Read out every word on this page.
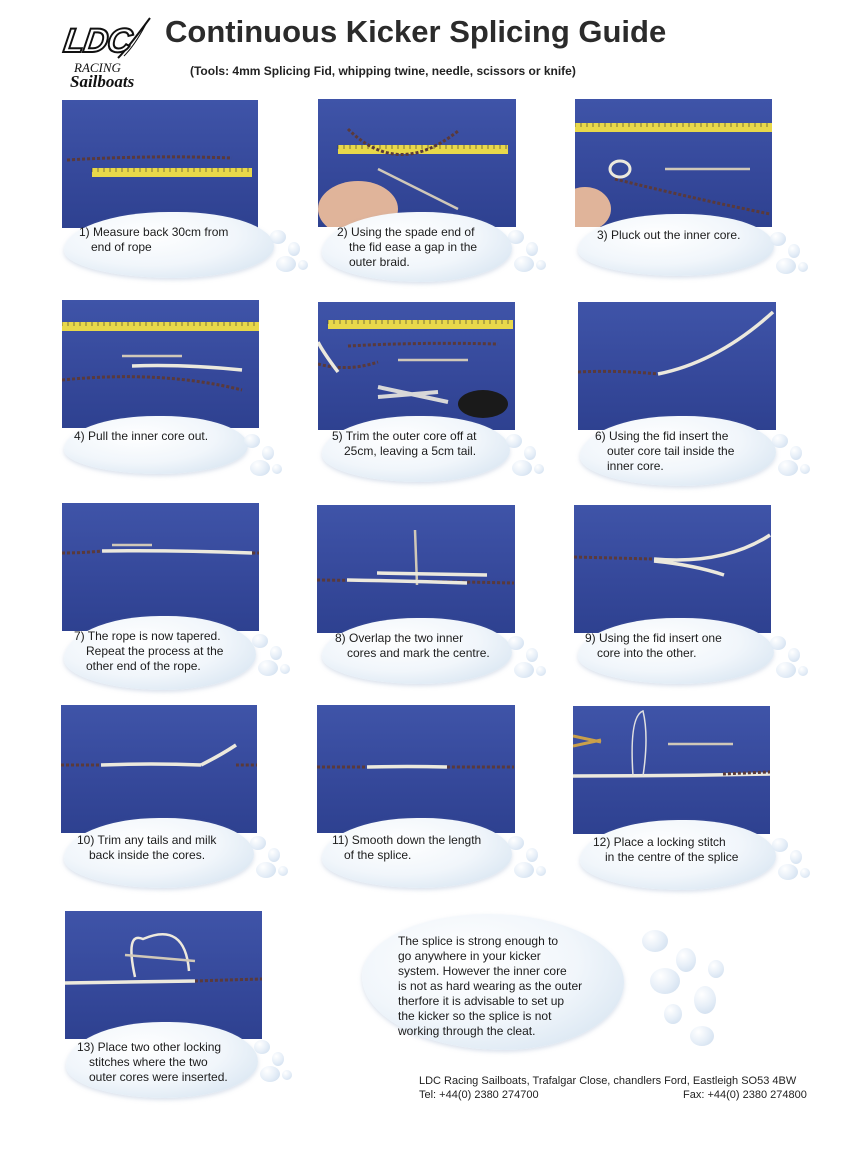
LDC
RACING
Sailboats
Continuous Kicker Splicing Guide
(Tools: 4mm Splicing Fid, whipping twine, needle, scissors or knife)
1) Measure back 30cm from
end of rope
2) Using the spade end of
the fid ease a gap in the
outer braid.
3) Pluck out the inner core.
4) Pull the inner core out.	5) Trim the outer core off at
25cm, leaving a 5cm tail.
6) Using the fid insert the
outer core tail inside the
inner core.
7) The rope is now tapered.
Repeat the process at the
other end of the rope.
8) Overlap the two inner
cores and mark the centre.
9) Using the fid insert one
core into the other.
10) Trim any tails and milk
back inside the cores.
11) Smooth down the length
of the splice.
12) Place a locking stitch
in the centre of the splice
13) Place two other locking
stitches where the two
outer cores were inserted.
The splice is strong enough to
go anywhere in your kicker
system. However the inner core
is not as hard wearing as the outer
therfore it is advisable to set up
the kicker so the splice is not
working through the cleat.
LDC Racing Sailboats, Trafalgar Close, chandlers Ford, Eastleigh SO53 4BW
Tel: +44(0) 2380 274700	Fax: +44(0) 2380 274800
